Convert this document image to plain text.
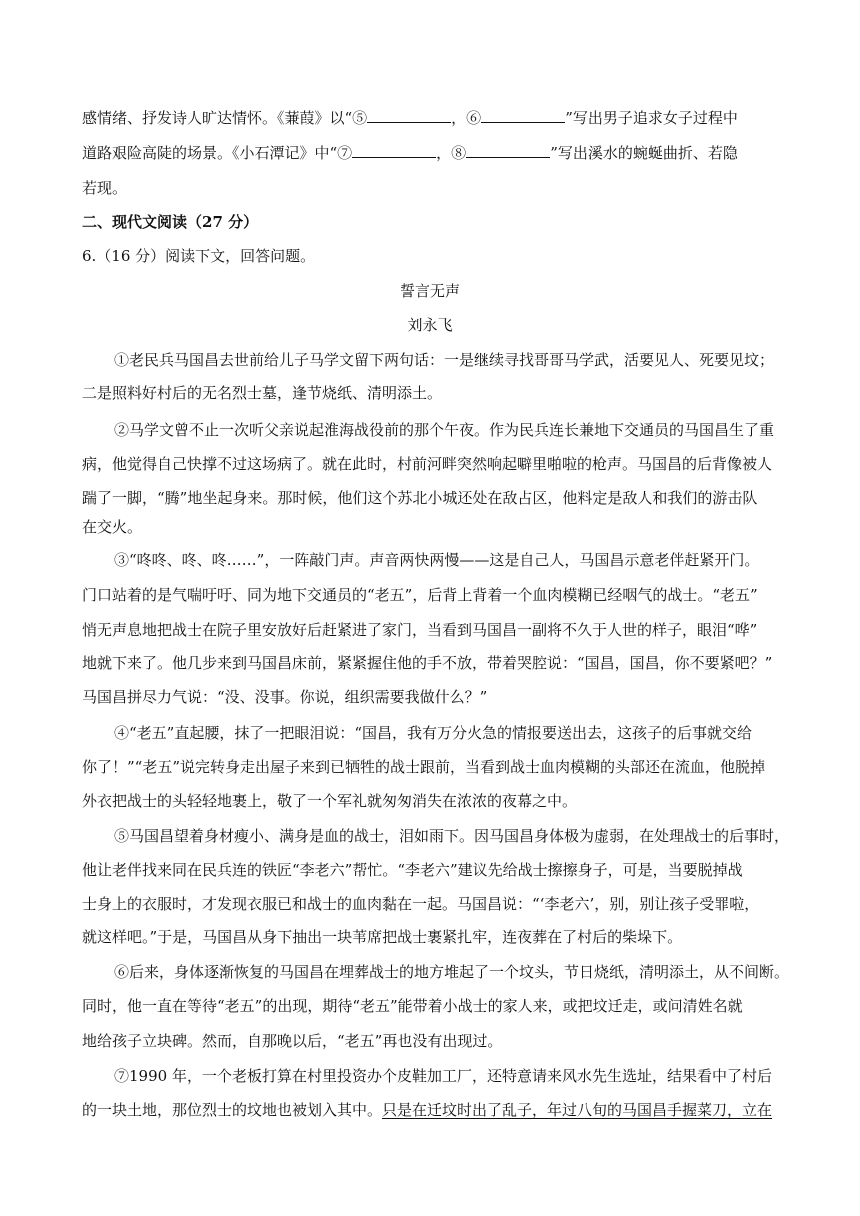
感情绪、抒发诗人旷达情怀。《蒹葭》以“⑤	，⑥	”写出男子追求女子过程中
道路艰险高陡的场景。《小石潭记》中“⑦	，⑧	”写出溪水的蜿蜒曲折、若隐
若现。
二、现代文阅读（27 分）
6.（16 分）阅读下文，回答问题。
誓言无声
刘永飞
①老民兵马国昌去世前给儿子马学文留下两句话：一是继续寻找哥哥马学武，活要见人、死要见坟；
二是照料好村后的无名烈士墓，逢节烧纸、清明添土。
②马学文曾不止一次听父亲说起淮海战役前的那个午夜。作为民兵连长兼地下交通员的马国昌生了重
病，他觉得自己快撑不过这场病了。就在此时，村前河畔突然响起噼里啪啦的枪声。马国昌的后背像被人
踹了一脚，“腾”地坐起身来。那时候，他们这个苏北小城还处在敌占区，他料定是敌人和我们的游击队
在交火。
③“咚咚、咚、咚……”，一阵敲门声。声音两快两慢——这是自己人，马国昌示意老伴赶紧开门。
门口站着的是气喘吁吁、同为地下交通员的“老五”，后背上背着一个血肉模糊已经咽气的战士。“老五”
悄无声息地把战士在院子里安放好后赶紧进了家门，当看到马国昌一副将不久于人世的样子，眼泪“哗”
地就下来了。他几步来到马国昌床前，紧紧握住他的手不放，带着哭腔说：“国昌，国昌，你不要紧吧？”
马国昌拼尽力气说：“没、没事。你说，组织需要我做什么？”
④“老五”直起腰，抹了一把眼泪说：“国昌，我有万分火急的情报要送出去，这孩子的后事就交给
你了！”“老五”说完转身走出屋子来到已牺牲的战士跟前，当看到战士血肉模糊的头部还在流血，他脱掉
外衣把战士的头轻轻地裹上，敬了一个军礼就匆匆消失在浓浓的夜幕之中。
⑤马国昌望着身材瘦小、满身是血的战士，泪如雨下。因马国昌身体极为虚弱，在处理战士的后事时，
他让老伴找来同在民兵连的铁匠“李老六”帮忙。“李老六”建议先给战士擦擦身子，可是，当要脱掉战
士身上的衣服时，才发现衣服已和战士的血肉黏在一起。马国昌说：“‘李老六’，别，别让孩子受罪啦，
就这样吧。”于是，马国昌从身下抽出一块苇席把战士裹紧扎牢，连夜葬在了村后的柴垛下。
⑥后来，身体逐渐恢复的马国昌在埋葬战士的地方堆起了一个坟头，节日烧纸，清明添土，从不间断。
同时，他一直在等待“老五”的出现，期待“老五”能带着小战士的家人来，或把坟迁走，或问清姓名就
地给孩子立块碑。然而，自那晚以后，“老五”再也没有出现过。
⑦1990 年，一个老板打算在村里投资办个皮鞋加工厂，还特意请来风水先生选址，结果看中了村后
的一块土地，那位烈士的坟地也被划入其中。只是在迁坟时出了乱子，年过八旬的马国昌手握菜刀，立在
